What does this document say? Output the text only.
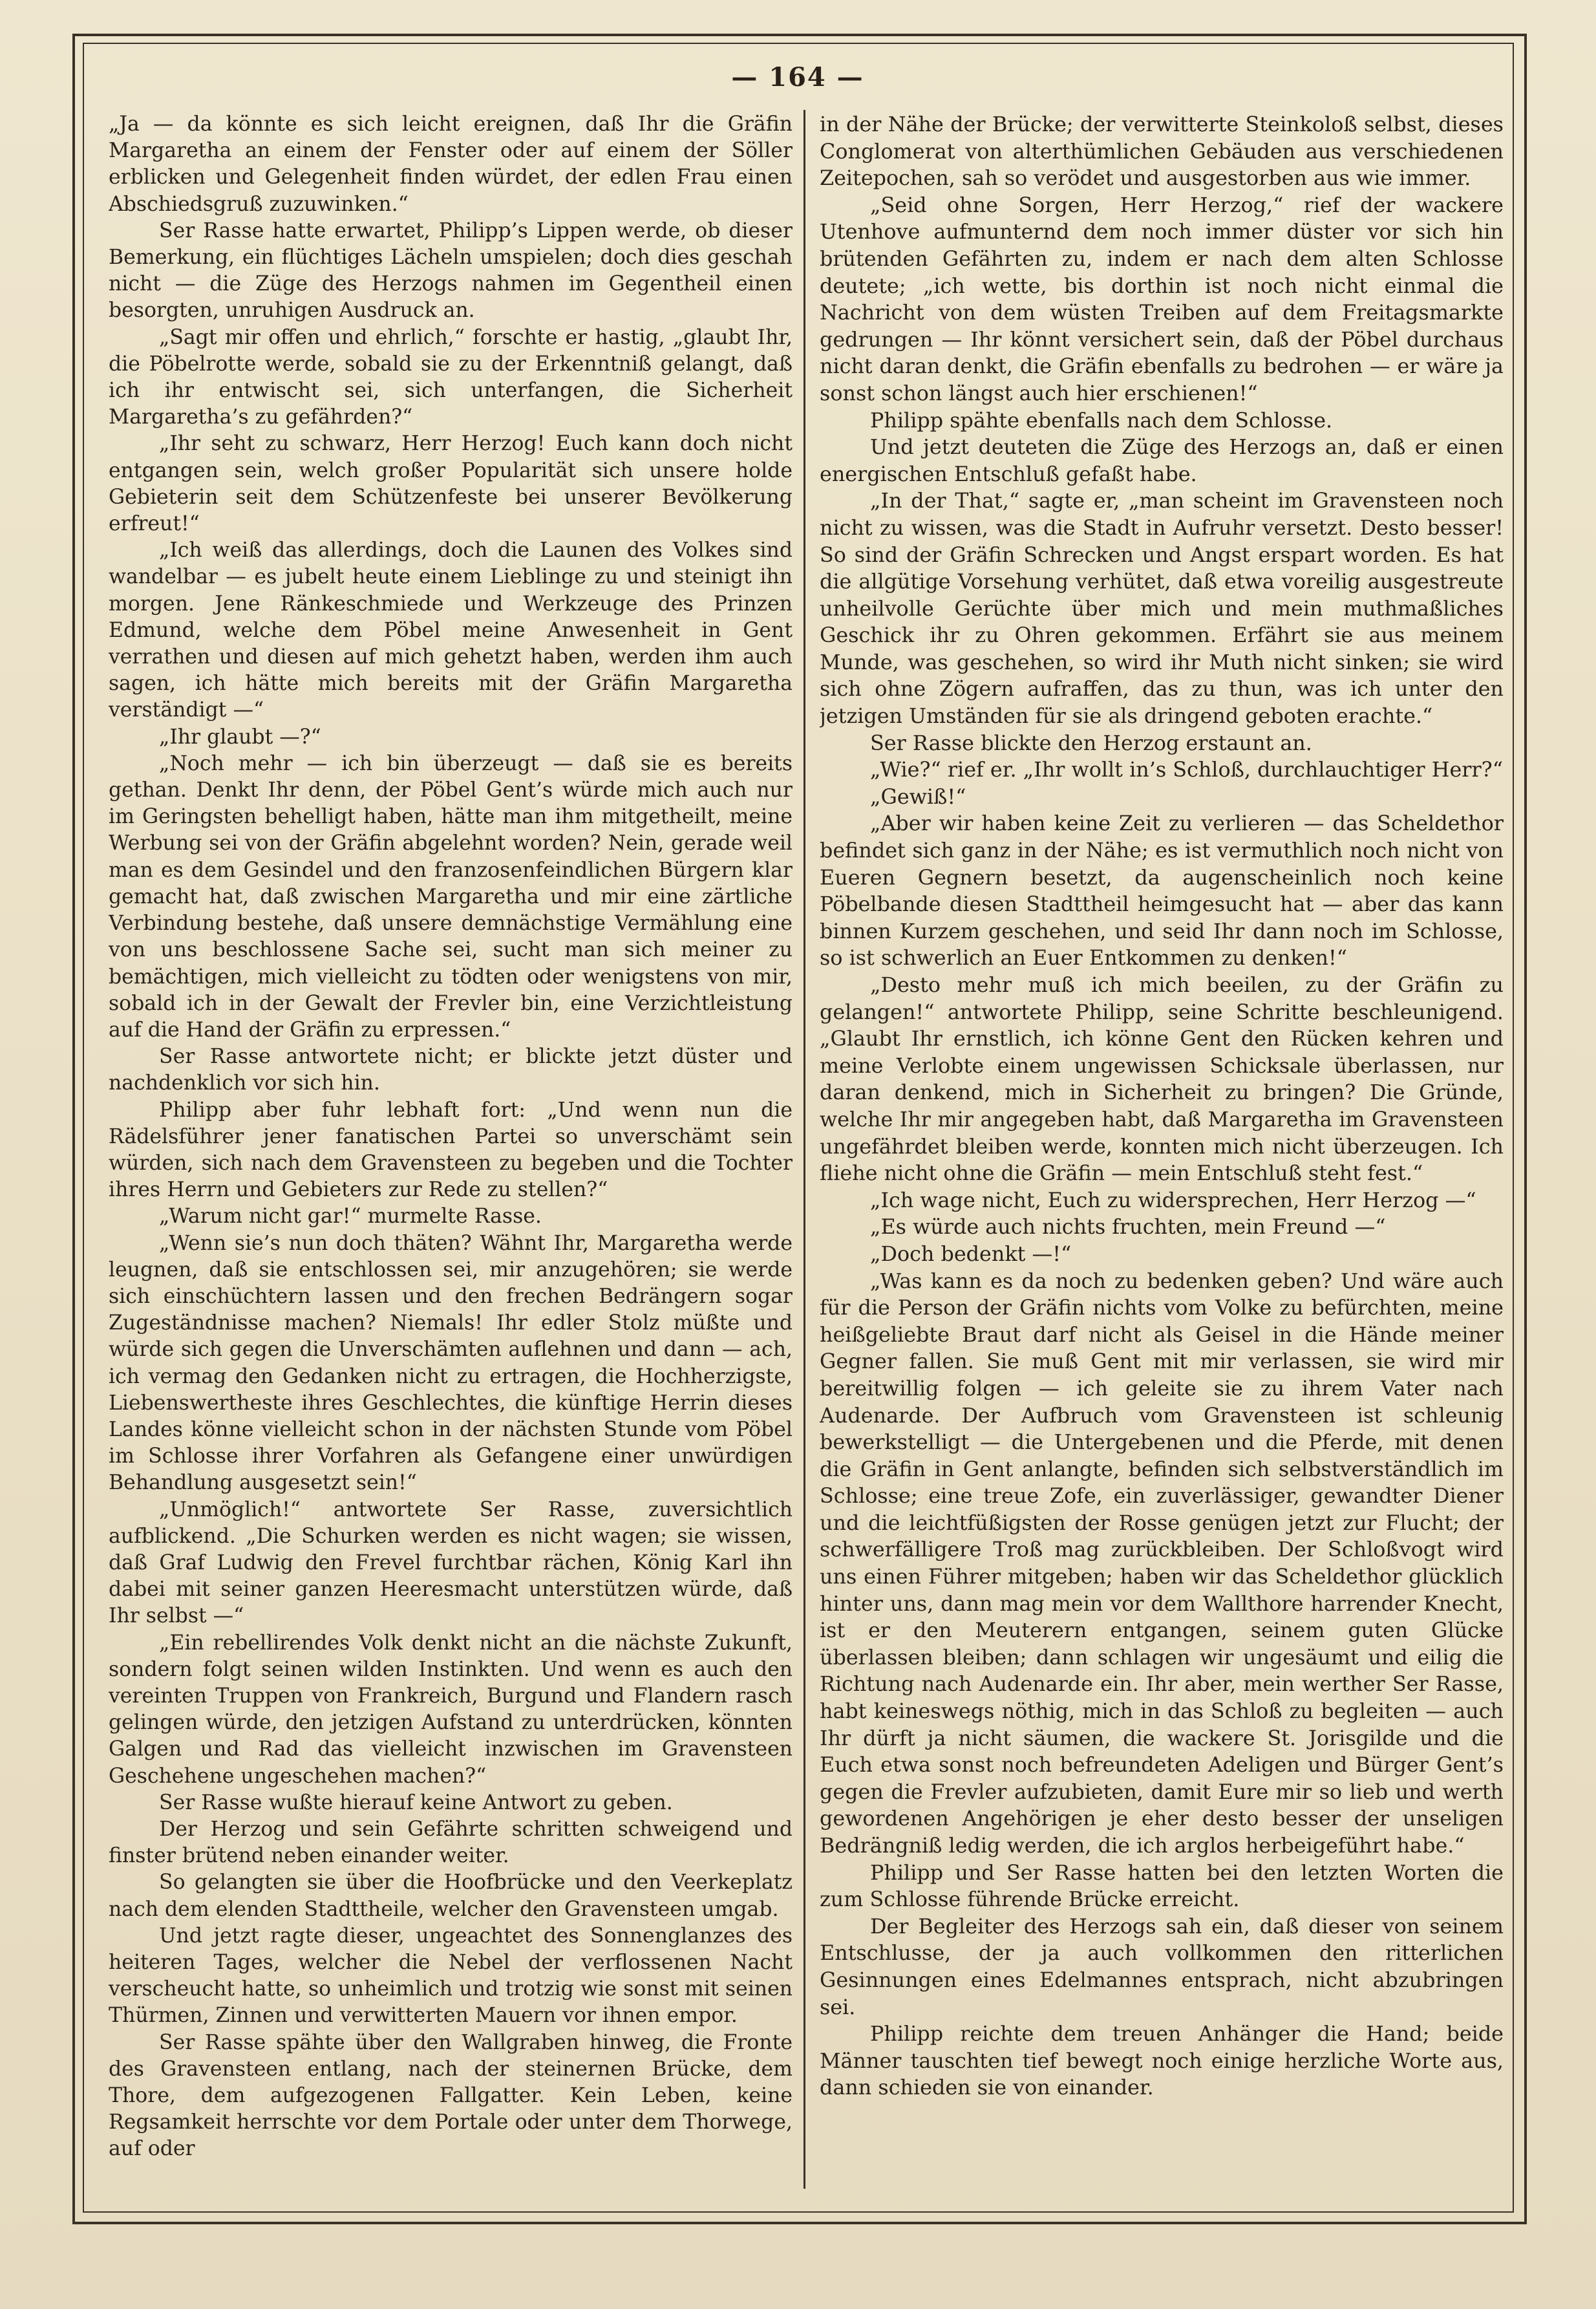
— 164 —

„Ja — da könnte es sich leicht ereignen, daß Ihr die Gräfin Margaretha an einem der Fenster oder auf einem der Söller erblicken und Gelegenheit finden würdet, der edlen Frau einen Abschiedsgruß zuzuwinken.“

Ser Rasse hatte erwartet, Philipp’s Lippen werde, ob dieser Bemerkung, ein flüchtiges Lächeln umspielen; doch dies geschah nicht — die Züge des Herzogs nahmen im Gegentheil einen besorgten, unruhigen Ausdruck an.

„Sagt mir offen und ehrlich,“ forschte er hastig, „glaubt Ihr, die Pöbelrotte werde, sobald sie zu der Erkenntniß gelangt, daß ich ihr entwischt sei, sich unterfangen, die Sicherheit Margaretha’s zu gefährden?“

„Ihr seht zu schwarz, Herr Herzog! Euch kann doch nicht entgangen sein, welch großer Popularität sich unsere holde Gebieterin seit dem Schützenfeste bei unserer Bevölkerung erfreut!“

„Ich weiß das allerdings, doch die Launen des Volkes sind wandelbar — es jubelt heute einem Lieblinge zu und steinigt ihn morgen. Jene Ränkeschmiede und Werkzeuge des Prinzen Edmund, welche dem Pöbel meine Anwesenheit in Gent verrathen und diesen auf mich gehetzt haben, werden ihm auch sagen, ich hätte mich bereits mit der Gräfin Margaretha verständigt —“

„Ihr glaubt —?“

„Noch mehr — ich bin überzeugt — daß sie es bereits gethan. Denkt Ihr denn, der Pöbel Gent’s würde mich auch nur im Geringsten behelligt haben, hätte man ihm mitgetheilt, meine Werbung sei von der Gräfin abgelehnt worden? Nein, gerade weil man es dem Gesindel und den franzosenfeindlichen Bürgern klar gemacht hat, daß zwischen Margaretha und mir eine zärtliche Verbindung bestehe, daß unsere demnächstige Vermählung eine von uns beschlossene Sache sei, sucht man sich meiner zu bemächtigen, mich vielleicht zu tödten oder wenigstens von mir, sobald ich in der Gewalt der Frevler bin, eine Verzichtleistung auf die Hand der Gräfin zu erpressen.“

Ser Rasse antwortete nicht; er blickte jetzt düster und nachdenklich vor sich hin.

Philipp aber fuhr lebhaft fort: „Und wenn nun die Rädelsführer jener fanatischen Partei so unverschämt sein würden, sich nach dem Gravensteen zu begeben und die Tochter ihres Herrn und Gebieters zur Rede zu stellen?“

„Warum nicht gar!“ murmelte Rasse.

„Wenn sie’s nun doch thäten? Wähnt Ihr, Margaretha werde leugnen, daß sie entschlossen sei, mir anzugehören; sie werde sich einschüchtern lassen und den frechen Bedrängern sogar Zugeständnisse machen? Niemals! Ihr edler Stolz müßte und würde sich gegen die Unverschämten auflehnen und dann — ach, ich vermag den Gedanken nicht zu ertragen, die Hochherzigste, Liebenswertheste ihres Geschlechtes, die künftige Herrin dieses Landes könne vielleicht schon in der nächsten Stunde vom Pöbel im Schlosse ihrer Vorfahren als Gefangene einer unwürdigen Behandlung ausgesetzt sein!“

„Unmöglich!“ antwortete Ser Rasse, zuversichtlich aufblickend. „Die Schurken werden es nicht wagen; sie wissen, daß Graf Ludwig den Frevel furchtbar rächen, König Karl ihn dabei mit seiner ganzen Heeresmacht unterstützen würde, daß Ihr selbst —“

„Ein rebellirendes Volk denkt nicht an die nächste Zukunft, sondern folgt seinen wilden Instinkten. Und wenn es auch den vereinten Truppen von Frankreich, Burgund und Flandern rasch gelingen würde, den jetzigen Aufstand zu unterdrücken, könnten Galgen und Rad das vielleicht inzwischen im Gravensteen Geschehene ungeschehen machen?“

Ser Rasse wußte hierauf keine Antwort zu geben.

Der Herzog und sein Gefährte schritten schweigend und finster brütend neben einander weiter.

So gelangten sie über die Hoofbrücke und den Veerkeplatz nach dem elenden Stadttheile, welcher den Gravensteen umgab.

Und jetzt ragte dieser, ungeachtet des Sonnenglanzes des heiteren Tages, welcher die Nebel der verflossenen Nacht verscheucht hatte, so unheimlich und trotzig wie sonst mit seinen Thürmen, Zinnen und verwitterten Mauern vor ihnen empor.

Ser Rasse spähte über den Wallgraben hinweg, die Fronte des Gravensteen entlang, nach der steinernen Brücke, dem Thore, dem aufgezogenen Fallgatter. Kein Leben, keine Regsamkeit herrschte vor dem Portale oder unter dem Thorwege, auf oder

in der Nähe der Brücke; der verwitterte Steinkoloß selbst, dieses Conglomerat von alterthümlichen Gebäuden aus verschiedenen Zeitepochen, sah so verödet und ausgestorben aus wie immer.

„Seid ohne Sorgen, Herr Herzog,“ rief der wackere Utenhove aufmunternd dem noch immer düster vor sich hin brütenden Gefährten zu, indem er nach dem alten Schlosse deutete; „ich wette, bis dorthin ist noch nicht einmal die Nachricht von dem wüsten Treiben auf dem Freitagsmarkte gedrungen — Ihr könnt versichert sein, daß der Pöbel durchaus nicht daran denkt, die Gräfin ebenfalls zu bedrohen — er wäre ja sonst schon längst auch hier erschienen!“

Philipp spähte ebenfalls nach dem Schlosse.

Und jetzt deuteten die Züge des Herzogs an, daß er einen energischen Entschluß gefaßt habe.

„In der That,“ sagte er, „man scheint im Gravensteen noch nicht zu wissen, was die Stadt in Aufruhr versetzt. Desto besser! So sind der Gräfin Schrecken und Angst erspart worden. Es hat die allgütige Vorsehung verhütet, daß etwa voreilig ausgestreute unheilvolle Gerüchte über mich und mein muthmaßliches Geschick ihr zu Ohren gekommen. Erfährt sie aus meinem Munde, was geschehen, so wird ihr Muth nicht sinken; sie wird sich ohne Zögern aufraffen, das zu thun, was ich unter den jetzigen Umständen für sie als dringend geboten erachte.“

Ser Rasse blickte den Herzog erstaunt an.

„Wie?“ rief er. „Ihr wollt in’s Schloß, durchlauchtiger Herr?“

„Gewiß!“

„Aber wir haben keine Zeit zu verlieren — das Scheldethor befindet sich ganz in der Nähe; es ist vermuthlich noch nicht von Eueren Gegnern besetzt, da augenscheinlich noch keine Pöbelbande diesen Stadttheil heimgesucht hat — aber das kann binnen Kurzem geschehen, und seid Ihr dann noch im Schlosse, so ist schwerlich an Euer Entkommen zu denken!“

„Desto mehr muß ich mich beeilen, zu der Gräfin zu gelangen!“ antwortete Philipp, seine Schritte beschleunigend. „Glaubt Ihr ernstlich, ich könne Gent den Rücken kehren und meine Verlobte einem ungewissen Schicksale überlassen, nur daran denkend, mich in Sicherheit zu bringen? Die Gründe, welche Ihr mir angegeben habt, daß Margaretha im Gravensteen ungefährdet bleiben werde, konnten mich nicht überzeugen. Ich fliehe nicht ohne die Gräfin — mein Entschluß steht fest.“

„Ich wage nicht, Euch zu widersprechen, Herr Herzog —“

„Es würde auch nichts fruchten, mein Freund —“

„Doch bedenkt —!“

„Was kann es da noch zu bedenken geben? Und wäre auch für die Person der Gräfin nichts vom Volke zu befürchten, meine heißgeliebte Braut darf nicht als Geisel in die Hände meiner Gegner fallen. Sie muß Gent mit mir verlassen, sie wird mir bereitwillig folgen — ich geleite sie zu ihrem Vater nach Audenarde. Der Aufbruch vom Gravensteen ist schleunig bewerkstelligt — die Untergebenen und die Pferde, mit denen die Gräfin in Gent anlangte, befinden sich selbstverständlich im Schlosse; eine treue Zofe, ein zuverlässiger, gewandter Diener und die leichtfüßigsten der Rosse genügen jetzt zur Flucht; der schwerfälligere Troß mag zurückbleiben. Der Schloßvogt wird uns einen Führer mitgeben; haben wir das Scheldethor glücklich hinter uns, dann mag mein vor dem Wallthore harrender Knecht, ist er den Meuterern entgangen, seinem guten Glücke überlassen bleiben; dann schlagen wir ungesäumt und eilig die Richtung nach Audenarde ein. Ihr aber, mein werther Ser Rasse, habt keineswegs nöthig, mich in das Schloß zu begleiten — auch Ihr dürft ja nicht säumen, die wackere St. Jorisgilde und die Euch etwa sonst noch befreundeten Adeligen und Bürger Gent’s gegen die Frevler aufzubieten, damit Eure mir so lieb und werth gewordenen Angehörigen je eher desto besser der unseligen Bedrängniß ledig werden, die ich arglos herbeigeführt habe.“

Philipp und Ser Rasse hatten bei den letzten Worten die zum Schlosse führende Brücke erreicht.

Der Begleiter des Herzogs sah ein, daß dieser von seinem Entschlusse, der ja auch vollkommen den ritterlichen Gesinnungen eines Edelmannes entsprach, nicht abzubringen sei.

Philipp reichte dem treuen Anhänger die Hand; beide Männer tauschten tief bewegt noch einige herzliche Worte aus, dann schieden sie von einander.
